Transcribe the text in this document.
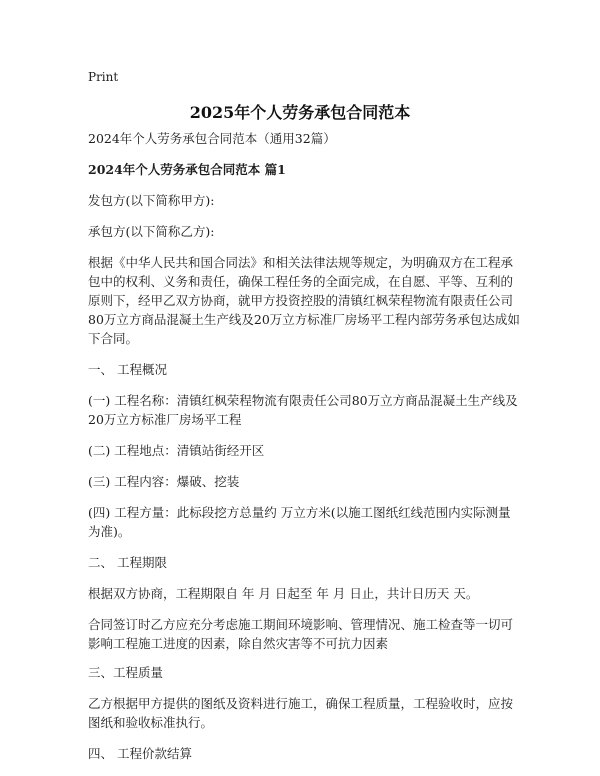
Print
2025年个人劳务承包合同范本

2024年个人劳务承包合同范本（通用32篇）

2024年个人劳务承包合同范本 篇1

发包方(以下简称甲方):

承包方(以下简称乙方):

根据《中华人民共和国合同法》和相关法律法规等规定，为明确双方在工程承包中的权利、义务和责任，确保工程任务的全面完成，在自愿、平等、互利的原则下，经甲乙双方协商，就甲方投资控股的清镇红枫荣程物流有限责任公司80万立方商品混凝土生产线及20万立方标准厂房场平工程内部劳务承包达成如下合同。

一、 工程概况

(一) 工程名称：清镇红枫荣程物流有限责任公司80万立方商品混凝土生产线及20万立方标准厂房场平工程

(二) 工程地点：清镇站街经开区

(三) 工程内容：爆破、挖装

(四) 工程方量：此标段挖方总量约 万立方米(以施工图纸红线范围内实际测量为准)。

二、 工程期限

根据双方协商，工程期限自 年 月 日起至 年 月 日止，共计日历天 天。

合同签订时乙方应充分考虑施工期间环境影响、管理情况、施工检查等一切可影响工程施工进度的因素，除自然灾害等不可抗力因素

三、工程质量

乙方根据甲方提供的图纸及资料进行施工，确保工程质量，工程验收时，应按图纸和验收标准执行。

四、 工程价款结算
